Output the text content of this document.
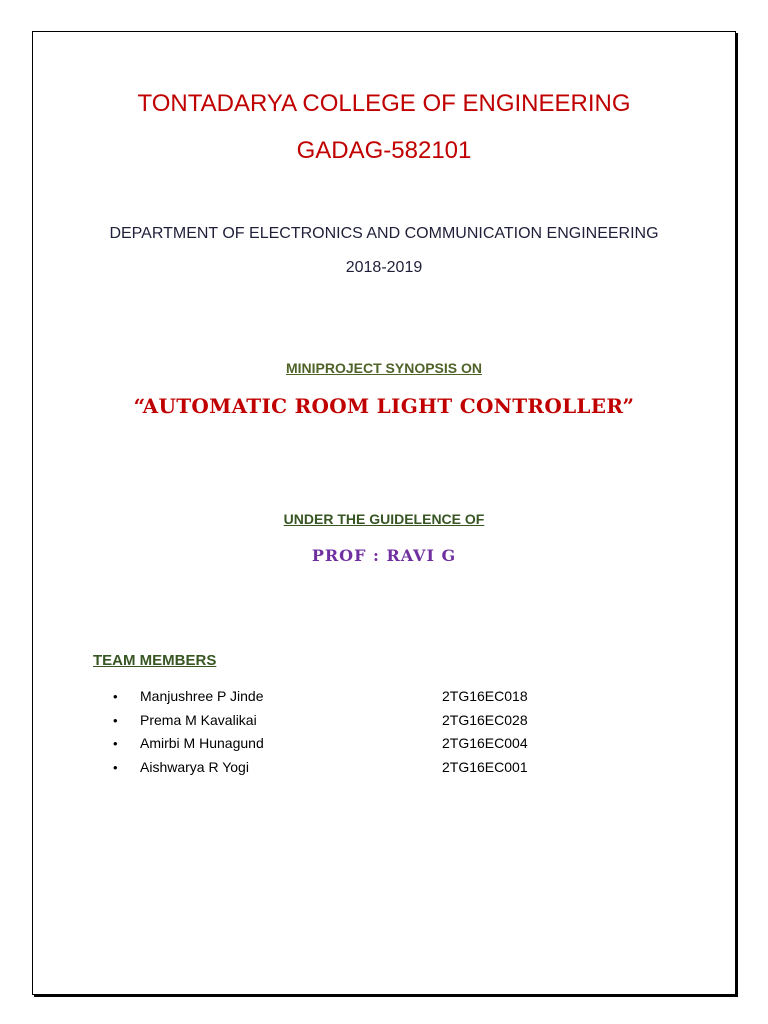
TONTADARYA COLLEGE OF ENGINEERING
GADAG-582101
DEPARTMENT OF ELECTRONICS AND COMMUNICATION ENGINEERING
2018-2019
MINIPROJECT SYNOPSIS ON
“AUTOMATIC ROOM LIGHT CONTROLLER”
UNDER THE GUIDELENCE OF
PROF : RAVI G
TEAM MEMBERS
• Manjushree P Jinde	2TG16EC018
• Prema M Kavalikai	2TG16EC028
• Amirbi M Hunagund	2TG16EC004
• Aishwarya R Yogi	2TG16EC001
